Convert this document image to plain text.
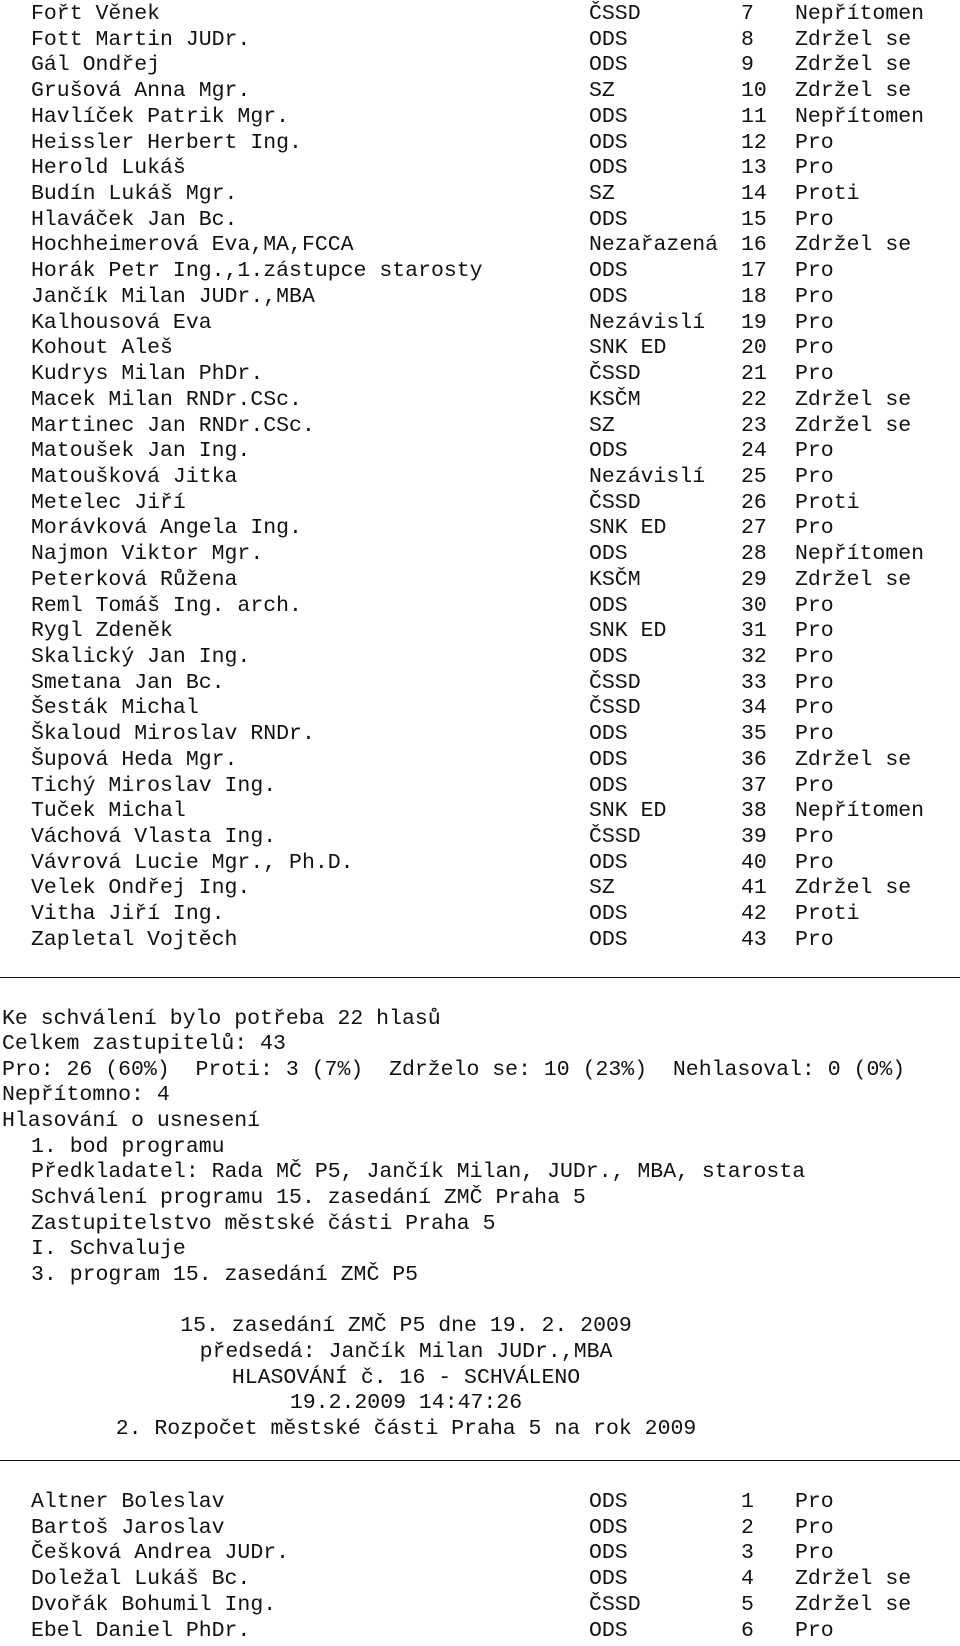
Fořt Věnek	ČSSD	7 Nepřítomen
Fott Martin JUDr.	ODS	8 Zdržel se
Gál Ondřej	ODS	9 Zdržel se
Grušová Anna Mgr.	SZ	10 Zdržel se
Havlíček Patrik Mgr.	ODS	11 Nepřítomen
Heissler Herbert Ing.	ODS	12 Pro
Herold Lukáš	ODS	13 Pro
Budín Lukáš Mgr.	SZ	14 Proti
Hlaváček Jan Bc.	ODS	15 Pro
Hochheimerová Eva,MA,FCCA	Nezařazená 16 Zdržel se
Horák Petr Ing.,1.zástupce starosty	ODS	17 Pro
Jančík Milan JUDr.,MBA	ODS	18 Pro
Kalhousová Eva	Nezávislí 19 Pro
Kohout Aleš	SNK ED	20 Pro
Kudrys Milan PhDr.	ČSSD	21 Pro
Macek Milan RNDr.CSc.	KSČM	22 Zdržel se
Martinec Jan RNDr.CSc.	SZ	23 Zdržel se
Matoušek Jan Ing.	ODS	24 Pro
Matoušková Jitka	Nezávislí 25 Pro
Metelec Jiří	ČSSD	26 Proti
Morávková Angela Ing.	SNK ED	27 Pro
Najmon Viktor Mgr.	ODS	28 Nepřítomen
Peterková Růžena	KSČM	29 Zdržel se
Reml Tomáš Ing. arch.	ODS	30 Pro
Rygl Zdeněk	SNK ED	31 Pro
Skalický Jan Ing.	ODS	32 Pro
Smetana Jan Bc.	ČSSD	33 Pro
Šesták Michal	ČSSD	34 Pro
Škaloud Miroslav RNDr.	ODS	35 Pro
Šupová Heda Mgr.	ODS	36 Zdržel se
Tichý Miroslav Ing.	ODS	37 Pro
Tuček Michal	SNK ED	38 Nepřítomen
Váchová Vlasta Ing.	ČSSD	39 Pro
Vávrová Lucie Mgr., Ph.D.	ODS	40 Pro
Velek Ondřej Ing.	SZ	41 Zdržel se
Vitha Jiří Ing.	ODS	42 Proti
Zapletal Vojtěch	ODS	43 Pro
Ke schválení bylo potřeba 22 hlasů
Celkem zastupitelů: 43
Pro: 26 (60%)  Proti: 3 (7%)  Zdrželo se: 10 (23%)  Nehlasoval: 0 (0%)
Nepřítomno: 4
Hlasování o usnesení
1. bod programu
Předkladatel: Rada MČ P5, Jančík Milan, JUDr., MBA, starosta
Schválení programu 15. zasedání ZMČ Praha 5
Zastupitelstvo městské části Praha 5
I. Schvaluje
3. program 15. zasedání ZMČ P5
15. zasedání ZMČ P5 dne 19. 2. 2009
předsedá: Jančík Milan JUDr.,MBA
HLASOVÁNÍ č. 16 - SCHVÁLENO
19.2.2009 14:47:26
2. Rozpočet městské části Praha 5 na rok 2009
Altner Boleslav	ODS	1 Pro
Bartoš Jaroslav	ODS	2 Pro
Češková Andrea JUDr.	ODS	3 Pro
Doležal Lukáš Bc.	ODS	4 Zdržel se
Dvořák Bohumil Ing.	ČSSD	5 Zdržel se
Ebel Daniel PhDr.	ODS	6 Pro
